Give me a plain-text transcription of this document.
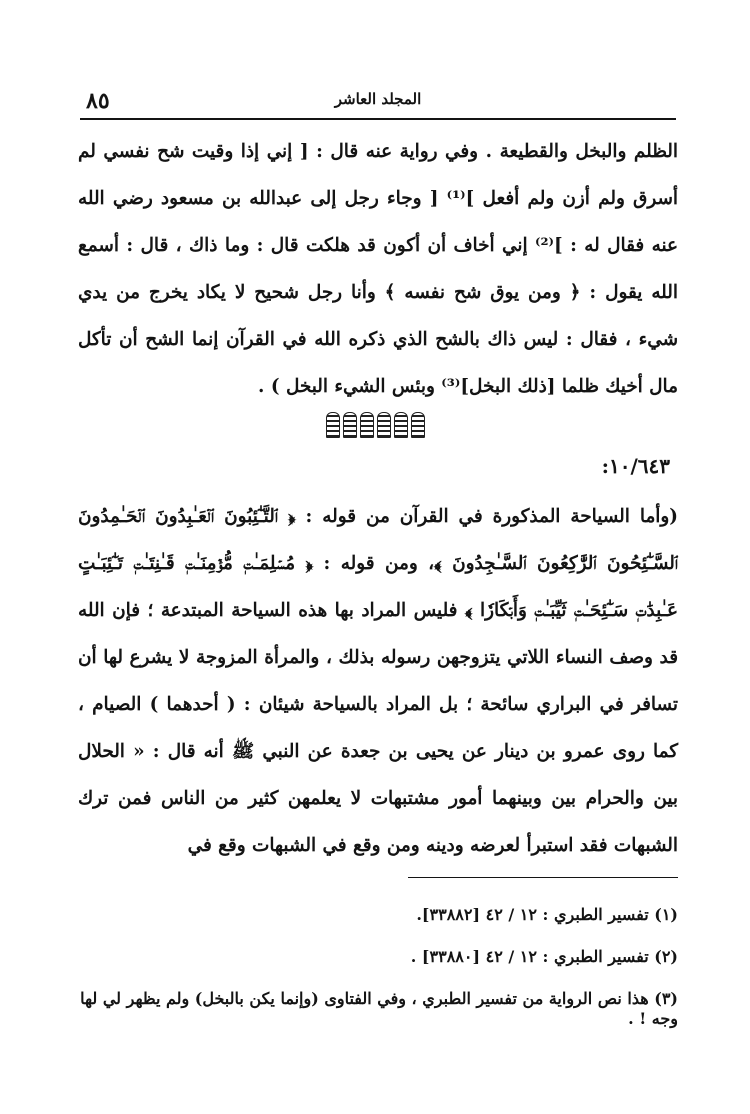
٨٥	المجلد العاشر
الظلم والبخل والقطيعة . وفي رواية عنه قال : [ إني إذا وقيت شح نفسي لم أسرق ولم أزن ولم أفعل ]⁽¹⁾ [ وجاء رجل إلى عبدالله بن مسعود رضي الله عنه فقال له : ]⁽²⁾ إني أخاف أن أكون قد هلكت قال : وما ذاك ، قال : أسمع الله يقول : ﴿ ومن يوق شح نفسه ﴾ وأنا رجل شحيح لا يكاد يخرج من يدي شيء ، فقال : ليس ذاك بالشح الذي ذكره الله في القرآن إنما الشح أن تأكل مال أخيك ظلما [ذلك البخل]⁽³⁾ وبئس الشيء البخل ) .
١٠/٦٤٣:
(وأما السياحة المذكورة في القرآن من قوله : ﴿ ٱلتَّـٰٓئِبُونَ ٱلۡعَـٰبِدُونَ ٱلۡحَـٰمِدُونَ ٱلسَّـٰٓئِحُونَ ٱلرَّٰكِعُونَ ٱلسَّـٰجِدُونَ ﴾، ومن قوله : ﴿ مُسۡلِمَـٰتٖ مُّؤۡمِنَـٰتٖ قَـٰنِتَـٰتٖ تَـٰٓئِبَـٰتٍ عَـٰبِدَٰتٖ سَـٰٓئِحَـٰتٖ ثَيِّبَـٰتٖ وَأَبۡكَارٗا ﴾ فليس المراد بها هذه السياحة المبتدعة ؛ فإن الله قد وصف النساء اللاتي يتزوجهن رسوله بذلك ، والمرأة المزوجة لا يشرع لها أن تسافر في البراري سائحة ؛ بل المراد بالسياحة شيئان : ( أحدهما ) الصيام ، كما روى عمرو بن دينار عن يحيى بن جعدة عن النبي ﷺ أنه قال : « الحلال بين والحرام بين وبينهما أمور مشتبهات لا يعلمهن كثير من الناس فمن ترك الشبهات فقد استبرأ لعرضه ودينه ومن وقع في الشبهات وقع في
(١) تفسير الطبري : ١٢ / ٤٢ [٣٣٨٨٢].
(٢) تفسير الطبري : ١٢ / ٤٢ [٣٣٨٨٠] .
(٣) هذا نص الرواية من تفسير الطبري ، وفي الفتاوى (وإنما يكن بالبخل) ولم يظهر لي لها وجه ! .
